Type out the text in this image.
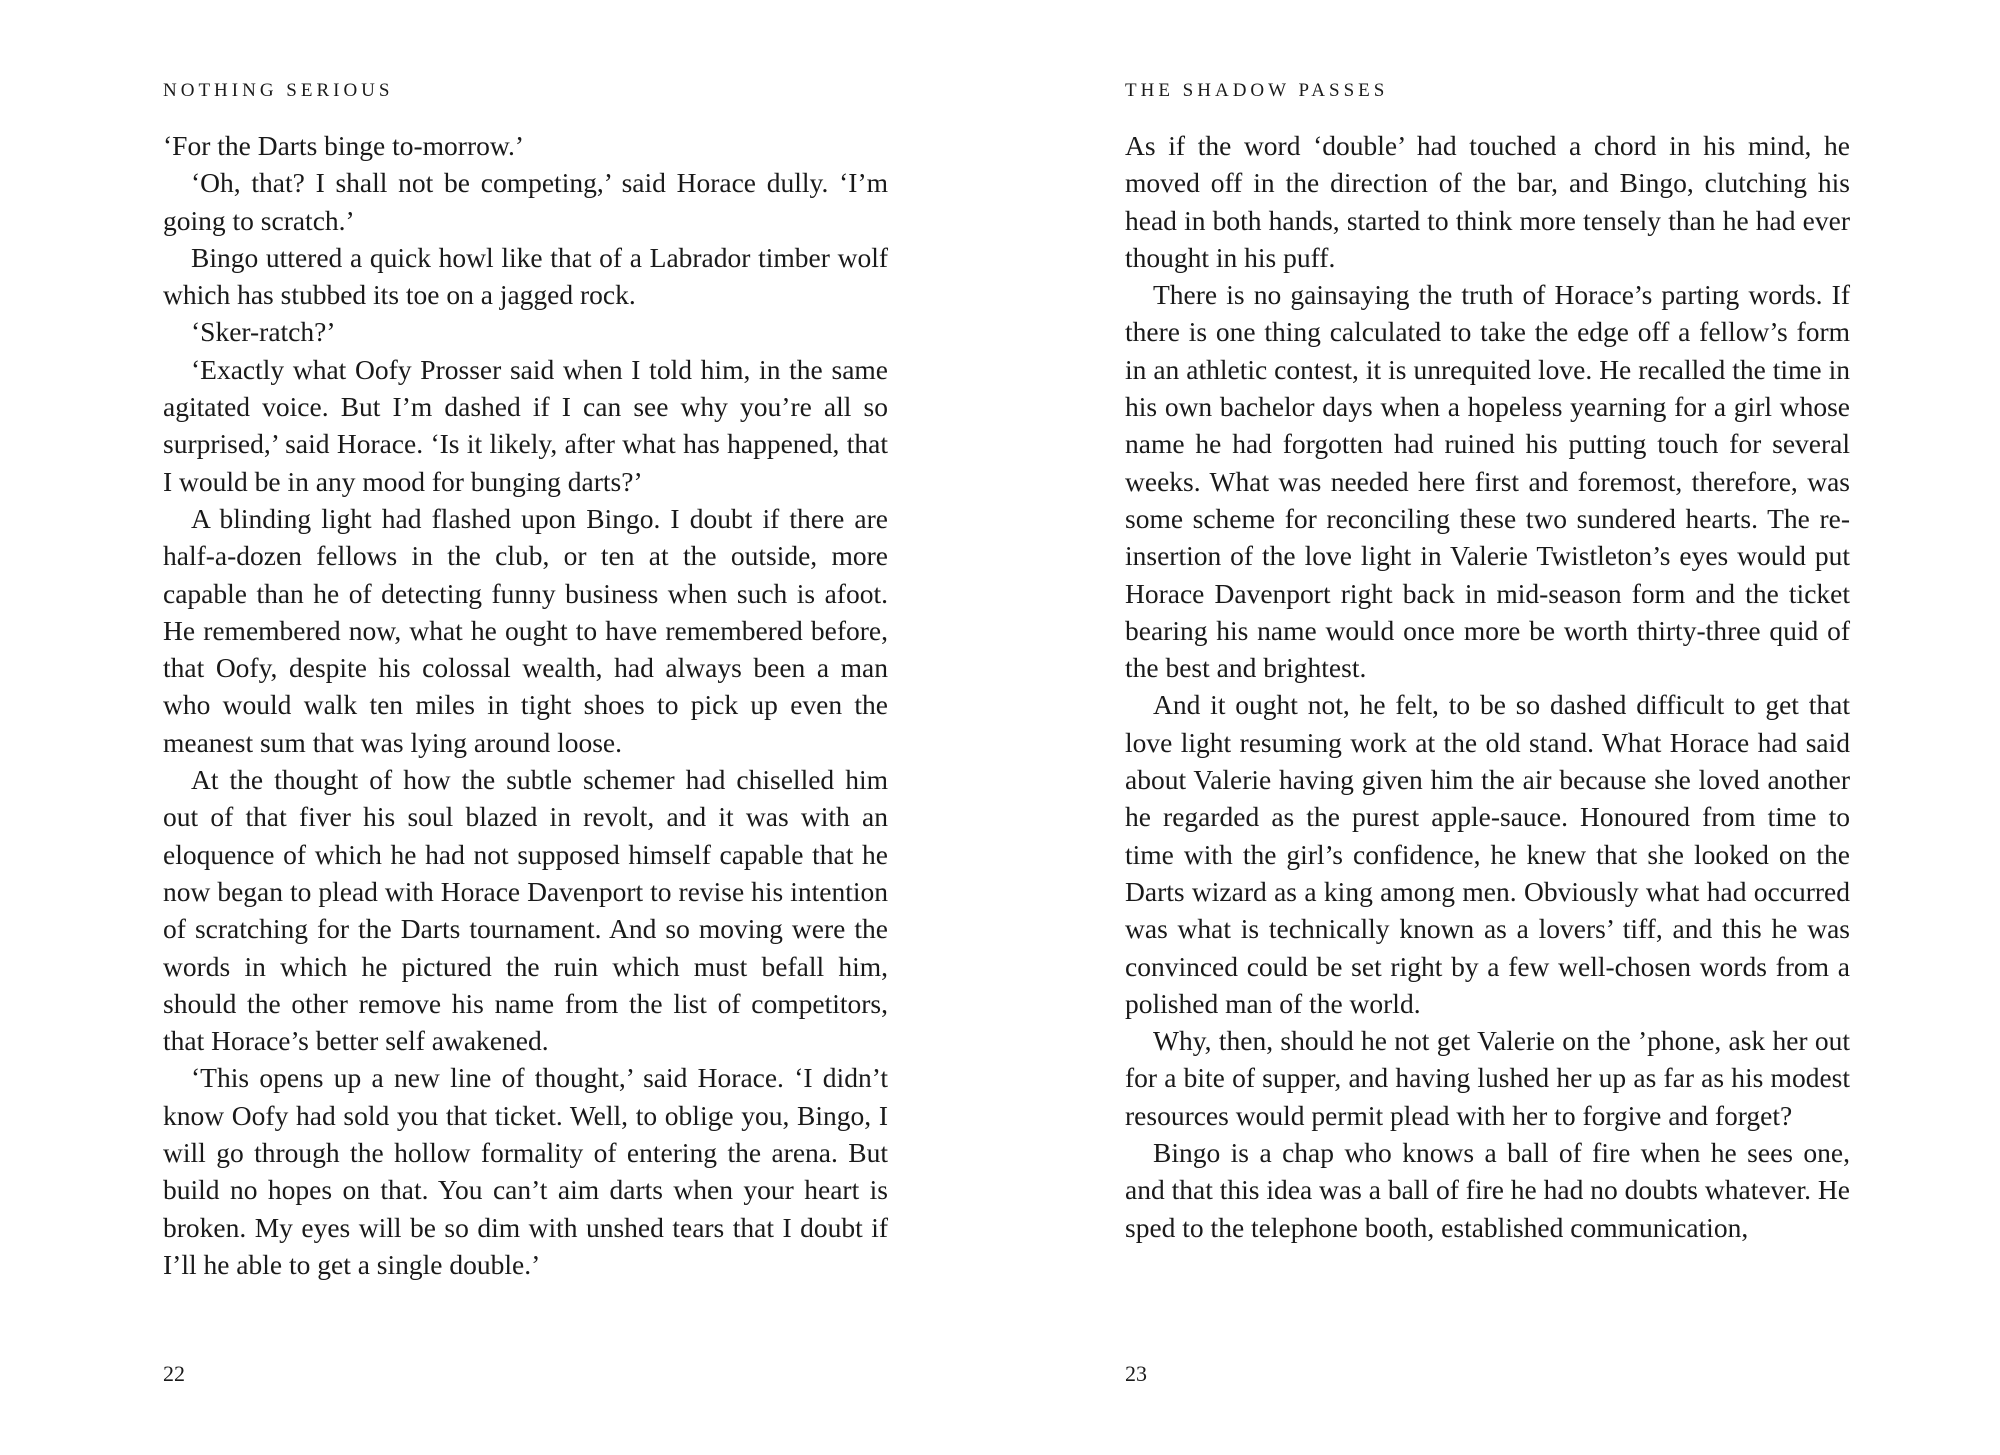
NOTHING SERIOUS

‘For the Darts binge to-morrow.’

‘Oh, that? I shall not be competing,’ said Horace dully. ‘I’m going to scratch.’

Bingo uttered a quick howl like that of a Labrador timber wolf which has stubbed its toe on a jagged rock.

‘Sker-ratch?’

‘Exactly what Oofy Prosser said when I told him, in the same agitated voice. But I’m dashed if I can see why you’re all so surprised,’ said Horace. ‘Is it likely, after what has happened, that I would be in any mood for bunging darts?’

A blinding light had flashed upon Bingo. I doubt if there are half-a-dozen fellows in the club, or ten at the outside, more capable than he of detecting funny business when such is afoot. He remembered now, what he ought to have remembered before, that Oofy, despite his colossal wealth, had always been a man who would walk ten miles in tight shoes to pick up even the meanest sum that was lying around loose.

At the thought of how the subtle schemer had chiselled him out of that fiver his soul blazed in revolt, and it was with an eloquence of which he had not supposed himself capable that he now began to plead with Horace Davenport to revise his intention of scratching for the Darts tournament. And so moving were the words in which he pictured the ruin which must befall him, should the other remove his name from the list of competitors, that Horace’s better self awakened.

‘This opens up a new line of thought,’ said Horace. ‘I didn’t know Oofy had sold you that ticket. Well, to oblige you, Bingo, I will go through the hollow formality of entering the arena. But build no hopes on that. You can’t aim darts when your heart is broken. My eyes will be so dim with unshed tears that I doubt if I’ll he able to get a single double.’

22
THE SHADOW PASSES

As if the word ‘double’ had touched a chord in his mind, he moved off in the direction of the bar, and Bingo, clutching his head in both hands, started to think more tensely than he had ever thought in his puff.

There is no gainsaying the truth of Horace’s parting words. If there is one thing calculated to take the edge off a fellow’s form in an athletic contest, it is unrequited love. He recalled the time in his own bachelor days when a hopeless yearning for a girl whose name he had forgotten had ruined his putting touch for several weeks. What was needed here first and foremost, therefore, was some scheme for reconciling these two sundered hearts. The re-insertion of the love light in Valerie Twistleton’s eyes would put Horace Davenport right back in mid-season form and the ticket bearing his name would once more be worth thirty-three quid of the best and brightest.

And it ought not, he felt, to be so dashed difficult to get that love light resuming work at the old stand. What Horace had said about Valerie having given him the air because she loved another he regarded as the purest apple-sauce. Honoured from time to time with the girl’s confidence, he knew that she looked on the Darts wizard as a king among men. Obviously what had occurred was what is technically known as a lovers’ tiff, and this he was convinced could be set right by a few well-chosen words from a polished man of the world.

Why, then, should he not get Valerie on the ’phone, ask her out for a bite of supper, and having lushed her up as far as his modest resources would permit plead with her to forgive and forget?

Bingo is a chap who knows a ball of fire when he sees one, and that this idea was a ball of fire he had no doubts whatever. He sped to the telephone booth, established communication,

23
